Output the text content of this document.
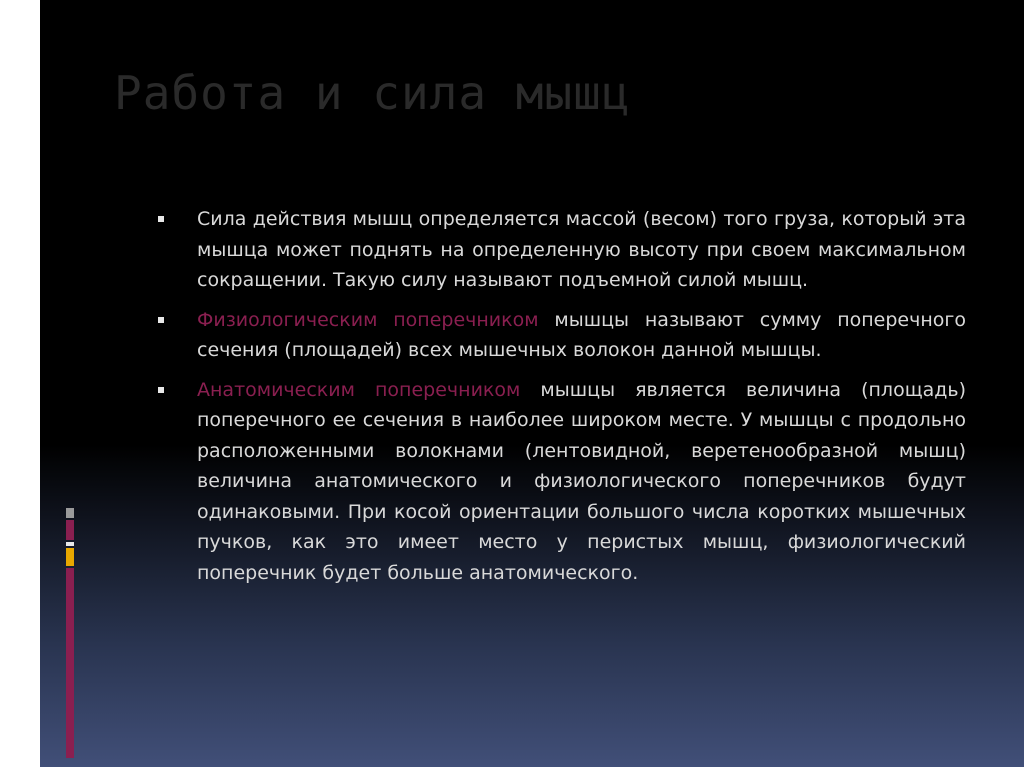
Работа и сила мышц
Сила действия мышц определяется массой (весом) того груза, который эта мышца может поднять на определенную высоту при своем максимальном сокращении. Такую силу называют подъемной силой мышц.
Физиологическим поперечником мышцы называют сумму поперечного сечения (площадей) всех мышечных волокон данной мышцы.
Анатомическим поперечником мышцы является величина (площадь) поперечного ее сечения в наиболее широком месте. У мышцы с продольно расположенными волокнами (лентовидной, веретенообразной мышц) величина анатомического и физиологического поперечников будут одинаковыми. При косой ориентации большого числа коротких мышечных пучков, как это имеет место у перистых мышц, физиологический поперечник будет больше анатомического.
